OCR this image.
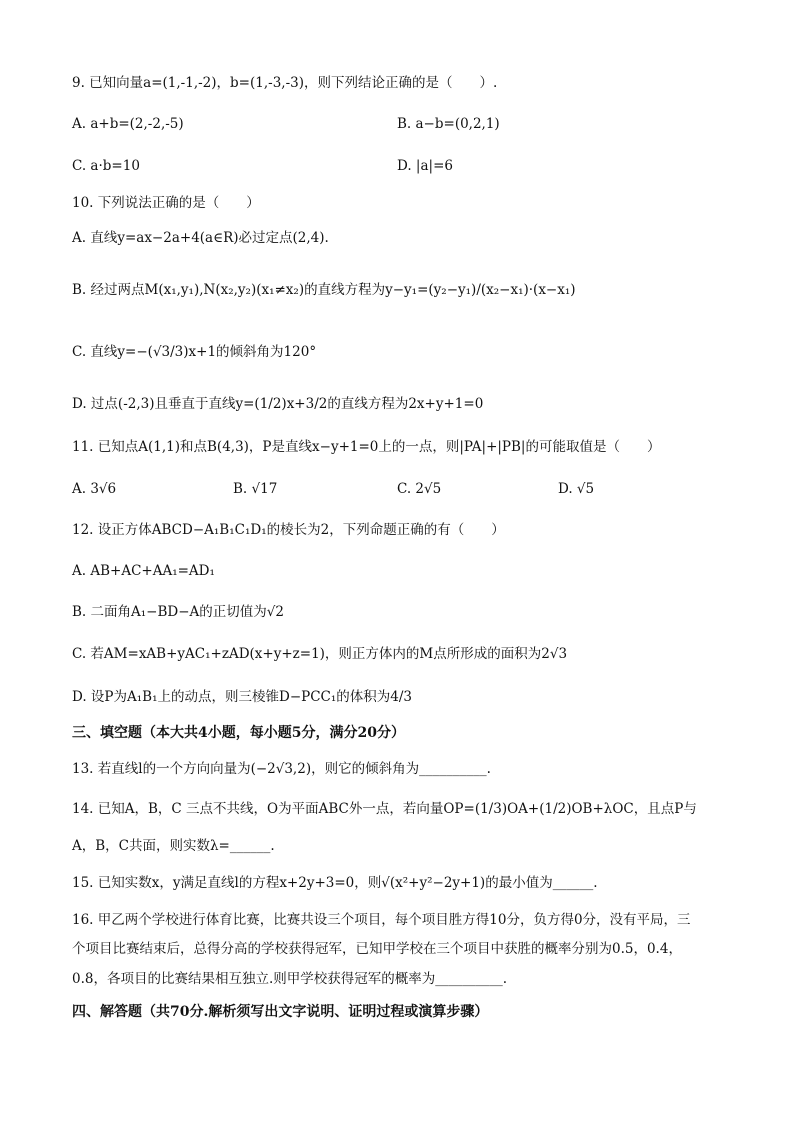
9. 已知向量a=(1,-1,-2)，b=(1,-3,-3)，则下列结论正确的是（　　）.
A. a+b=(2,-2,-5)	B. a−b=(0,2,1)
C. a·b=10	D. |a|=6
10. 下列说法正确的是（　　）
A. 直线y=ax−2a+4(a∈R)必过定点(2,4).
B. 经过两点M(x₁,y₁),N(x₂,y₂)(x₁≠x₂)的直线方程为y−y₁=(y₂−y₁)/(x₂−x₁)·(x−x₁)
C. 直线y=−(√3/3)x+1的倾斜角为120°
D. 过点(-2,3)且垂直于直线y=(1/2)x+3/2的直线方程为2x+y+1=0
11. 已知点A(1,1)和点B(4,3)，P是直线x−y+1=0上的一点，则|PA|+|PB|的可能取值是（　　）
A. 3√6	B. √17	C. 2√5	D. √5
12. 设正方体ABCD−A₁B₁C₁D₁的棱长为2，下列命题正确的有（　　）
A. AB+AC+AA₁=AD₁
B. 二面角A₁−BD−A的正切值为√2
C. 若AM=xAB+yAC₁+zAD(x+y+z=1)，则正方体内的M点所形成的面积为2√3
D. 设P为A₁B₁上的动点，则三棱锥D−PCC₁的体积为4/3
三、填空题（本大共4小题，每小题5分，满分20分）
13. 若直线l的一个方向向量为(−2√3,2)，则它的倾斜角为__________.
14. 已知A，B，C 三点不共线，O为平面ABC外一点，若向量OP=(1/3)OA+(1/2)OB+λOC，且点P与
A，B，C共面，则实数λ=______.
15. 已知实数x，y满足直线l的方程x+2y+3=0，则√(x²+y²−2y+1)的最小值为______.
16. 甲乙两个学校进行体育比赛，比赛共设三个项目，每个项目胜方得10分，负方得0分，没有平局，三
个项目比赛结束后，总得分高的学校获得冠军，已知甲学校在三个项目中获胜的概率分别为0.5，0.4，
0.8，各项目的比赛结果相互独立.则甲学校获得冠军的概率为__________.
四、解答题（共70分.解析须写出文字说明、证明过程或演算步骤）
